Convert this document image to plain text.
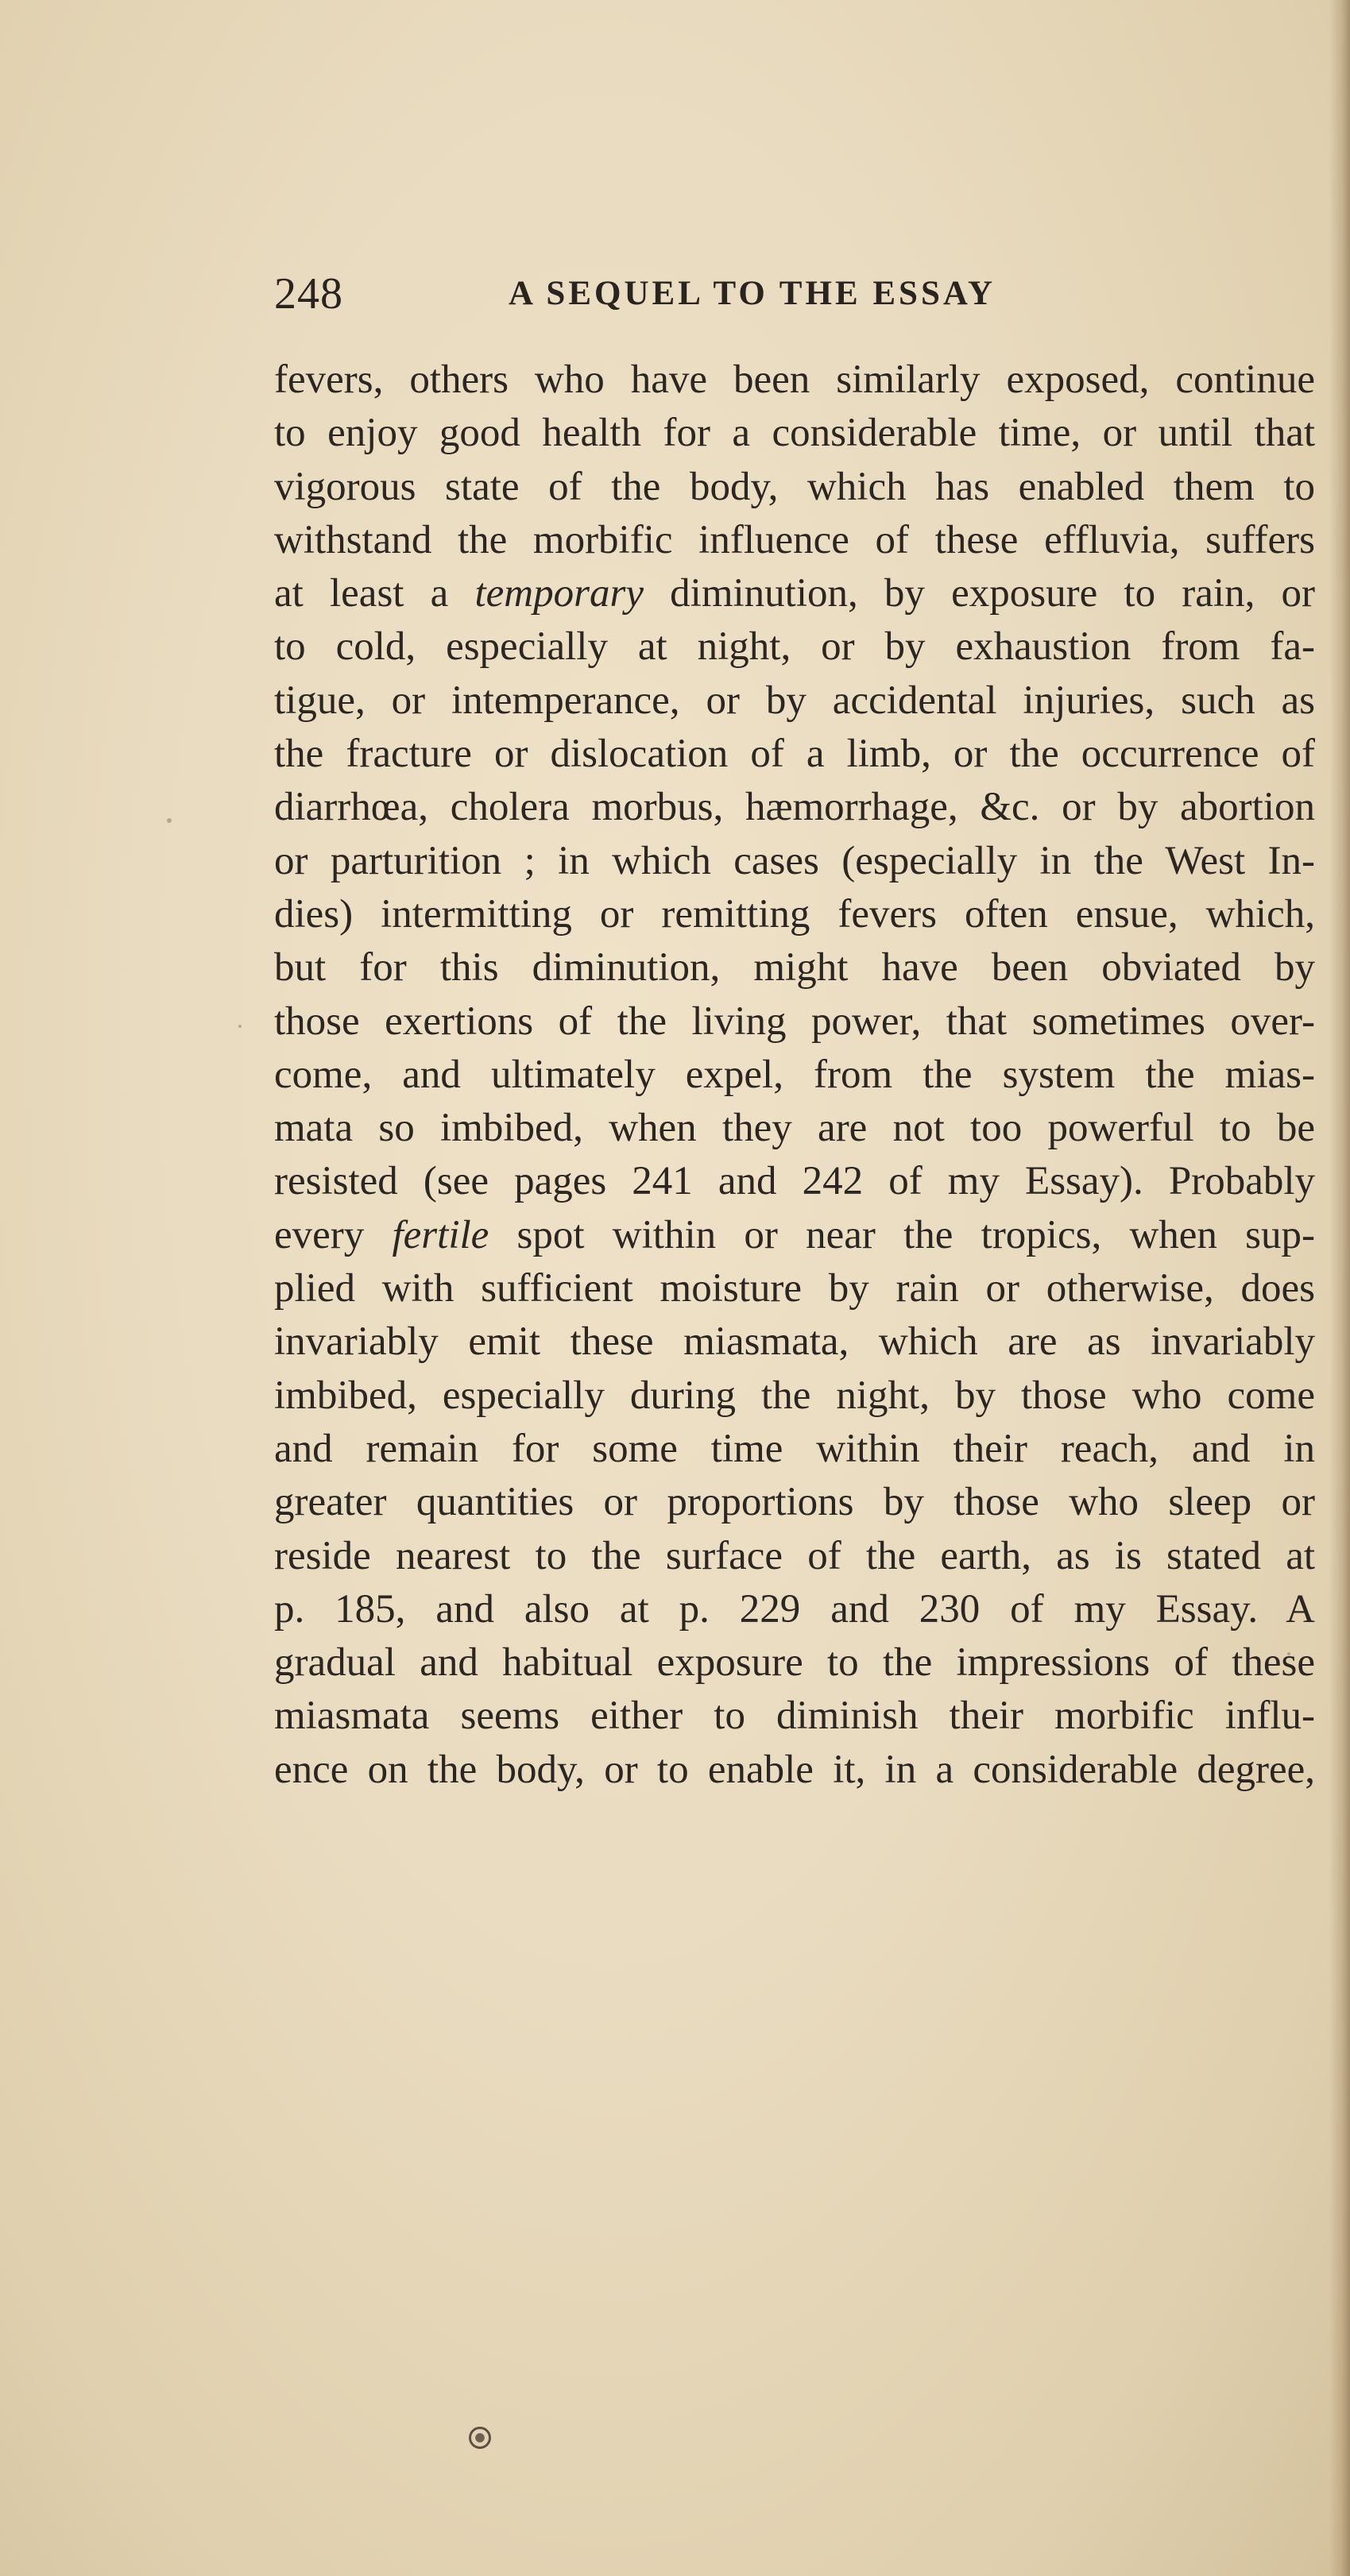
248	A SEQUEL TO THE ESSAY
fevers, others who have been similarly exposed, continue
to enjoy good health for a considerable time, or until that
vigorous state of the body, which has enabled them to
withstand the morbific influence of these effluvia, suffers
at least a temporary diminution, by exposure to rain, or
to cold, especially at night, or by exhaustion from fa-
tigue, or intemperance, or by accidental injuries, such as
the fracture or dislocation of a limb, or the occurrence of
diarrhœa, cholera morbus, hæmorrhage, &c. or by abortion
or parturition ; in which cases (especially in the West In-
dies) intermitting or remitting fevers often ensue, which,
but for this diminution, might have been obviated by
those exertions of the living power, that sometimes over-
come, and ultimately expel, from the system the mias-
mata so imbibed, when they are not too powerful to be
resisted (see pages 241 and 242 of my Essay). Probably
every fertile spot within or near the tropics, when sup-
plied with sufficient moisture by rain or otherwise, does
invariably emit these miasmata, which are as invariably
imbibed, especially during the night, by those who come
and remain for some time within their reach, and in
greater quantities or proportions by those who sleep or
reside nearest to the surface of the earth, as is stated at
p. 185, and also at p. 229 and 230 of my Essay. A
gradual and habitual exposure to the impressions of these
miasmata seems either to diminish their morbific influ-
ence on the body, or to enable it, in a considerable degree,
